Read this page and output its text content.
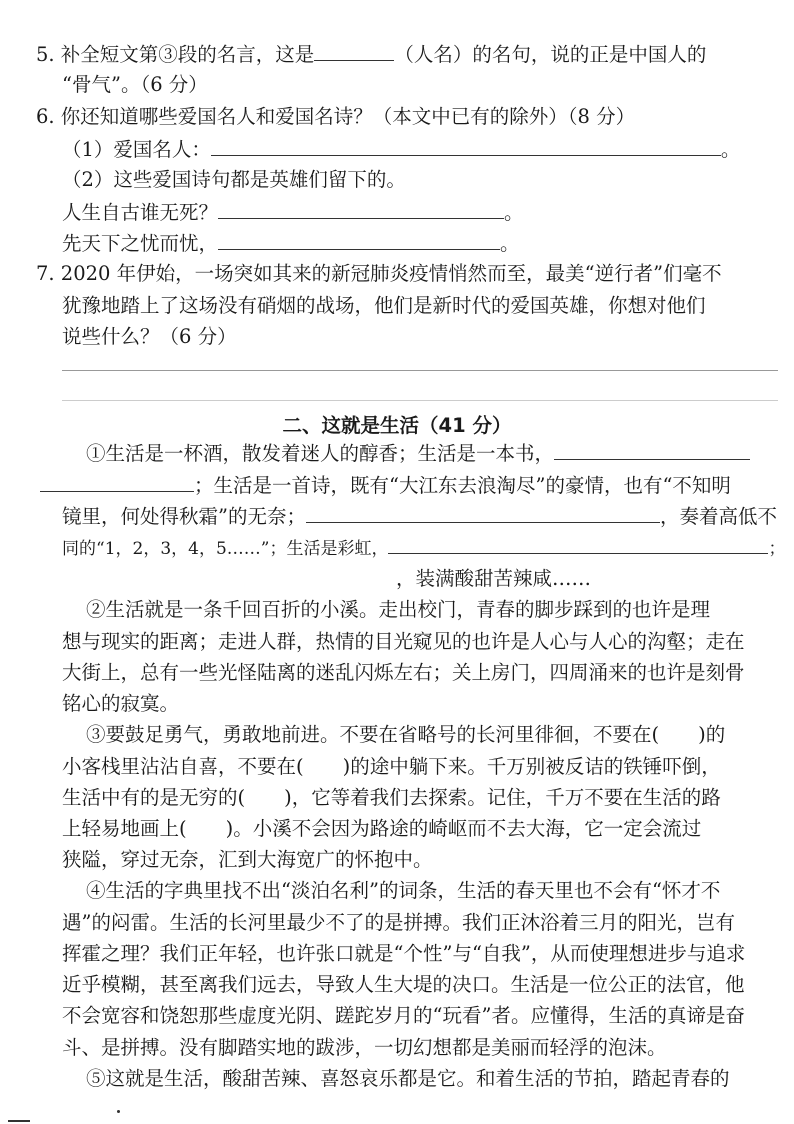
5. 补全短文第③段的名言，这是	（人名）的名句，说的正是中国人的
“骨气”。（6 分）
6. 你还知道哪些爱国名人和爱国名诗？（本文中已有的除外）（8 分）
（1）爱国名人：	。
（2）这些爱国诗句都是英雄们留下的。
人生自古谁无死？	。
先天下之忧而忧，	。
7. 2020 年伊始，一场突如其来的新冠肺炎疫情悄然而至，最美“逆行者”们毫不
犹豫地踏上了这场没有硝烟的战场，他们是新时代的爱国英雄，你想对他们
说些什么？（6 分）
二、这就是生活（41 分）
①生活是一杯酒，散发着迷人的醇香；生活是一本书，
；生活是一首诗，既有“大江东去浪淘尽”的豪情，也有“不知明
镜里，何处得秋霜”的无奈；	，奏着高低不
同的“1，2，3，4，5……”；生活是彩虹，	；
，装满酸甜苦辣咸……
②生活就是一条千回百折的小溪。走出校门，青春的脚步踩到的也许是理
想与现实的距离；走进人群，热情的目光窥见的也许是人心与人心的沟壑；走在
大街上，总有一些光怪陆离的迷乱闪烁左右；关上房门，四周涌来的也许是刻骨
铭心的寂寞。
③要鼓足勇气，勇敢地前进。不要在省略号的长河里徘徊，不要在(　　)的
小客栈里沾沾自喜，不要在(　　)的途中躺下来。千万别被反诘的铁锤吓倒，
生活中有的是无穷的(　　)，它等着我们去探索。记住，千万不要在生活的路
上轻易地画上(　　)。小溪不会因为路途的崎岖而不去大海，它一定会流过
狭隘，穿过无奈，汇到大海宽广的怀抱中。
④生活的字典里找不出“淡泊名利”的词条，生活的春天里也不会有“怀才不
遇”的闷雷。生活的长河里最少不了的是拼搏。我们正沐浴着三月的阳光，岂有
挥霍之理？我们正年轻，也许张口就是“个性”与“自我”，从而使理想进步与追求
近乎模糊，甚至离我们远去，导致人生大堤的决口。生活是一位公正的法官，他
不会宽容和饶恕那些虚度光阴、蹉跎岁月的“玩看”者。应懂得，生活的真谛是奋
斗、是拼搏。没有脚踏实地的跋涉，一切幻想都是美丽而轻浮的泡沫。
⑤这就是生活，酸甜苦辣、喜怒哀乐都是它。和着生活的节拍，踏起青春的
